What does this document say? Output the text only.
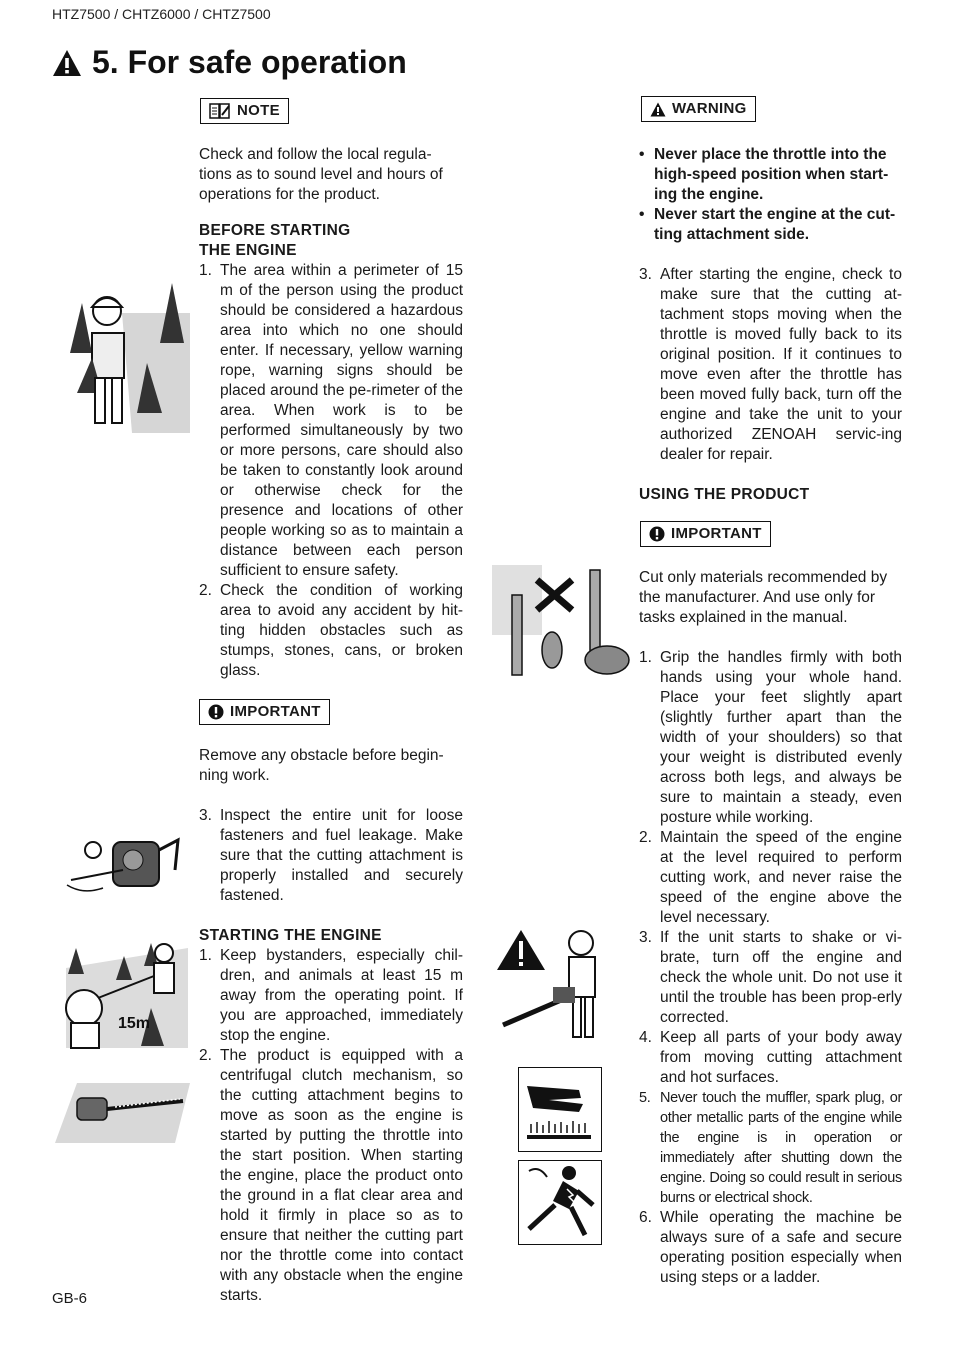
HTZ7500 / CHTZ6000 / CHTZ7500
5. For safe operation
NOTE

Check and follow the local regula-tions as to sound level and hours of operations for the product.

BEFORE STARTING

THE ENGINE

1. The area within a perimeter of 15 m of the person using the product should be considered a hazardous area into which no one should enter. If necessary, yellow warning rope, warning signs should be placed around the pe-rimeter of the area. When work is to be performed simultaneously by two or more persons, care should also be taken to constantly look around or otherwise check for the presence and locations of other people working so as to maintain a distance between each person sufficient to ensure safety.
2. Check the condition of working area to avoid any accident by hit-ting hidden obstacles such as stumps, stones, cans, or broken glass.
IMPORTANT

Remove any obstacle before begin-ning work.

3. Inspect the entire unit for loose fasteners and fuel leakage. Make sure that the cutting attachment is properly installed and securely fastened.

STARTING THE ENGINE

1. Keep bystanders, especially chil-dren, and animals at least 15 m away from the operating point. If you are approached, immediately stop the engine.
2. The product is equipped with a centrifugal clutch mechanism, so the cutting attachment begins to move as soon as the engine is started by putting the throttle into the start position. When starting the engine, place the product onto the ground in a flat clear area and hold it firmly in place so as to ensure that neither the cutting part nor the throttle come into contact with any obstacle when the engine starts.
WARNING
• Never place the throttle into the high-speed position when start-ing the engine.
• Never start the engine at the cut-ting attachment side.
3. After starting the engine, check to make sure that the cutting at-tachment stops moving when the throttle is moved fully back to its original position. If it continues to move even after the throttle has been moved fully back, turn off the engine and take the unit to your authorized ZENOAH servic-ing dealer for repair.

USING THE PRODUCT

IMPORTANT

Cut only materials recommended by the manufacturer. And use only for tasks explained in the manual.

1. Grip the handles firmly with both hands using your whole hand. Place your feet slightly apart (slightly further apart than the width of your shoulders) so that your weight is distributed evenly across both legs, and always be sure to maintain a steady, even posture while working.
2. Maintain the speed of the engine at the level required to perform cutting work, and never raise the speed of the engine above the level necessary.
3. If the unit starts to shake or vi-brate, turn off the engine and check the whole unit. Do not use it until the trouble has been prop-erly corrected.
4. Keep all parts of your body away from moving cutting attachment and hot surfaces.
5. Never touch the muffler, spark plug, or other metallic parts of the engine while the engine is in operation or immediately after shutting down the engine. Doing so could result in serious burns or electrical shock.
6. While operating the machine be always sure of a safe and secure operating position especially when using steps or a ladder.
15m
GB-6
